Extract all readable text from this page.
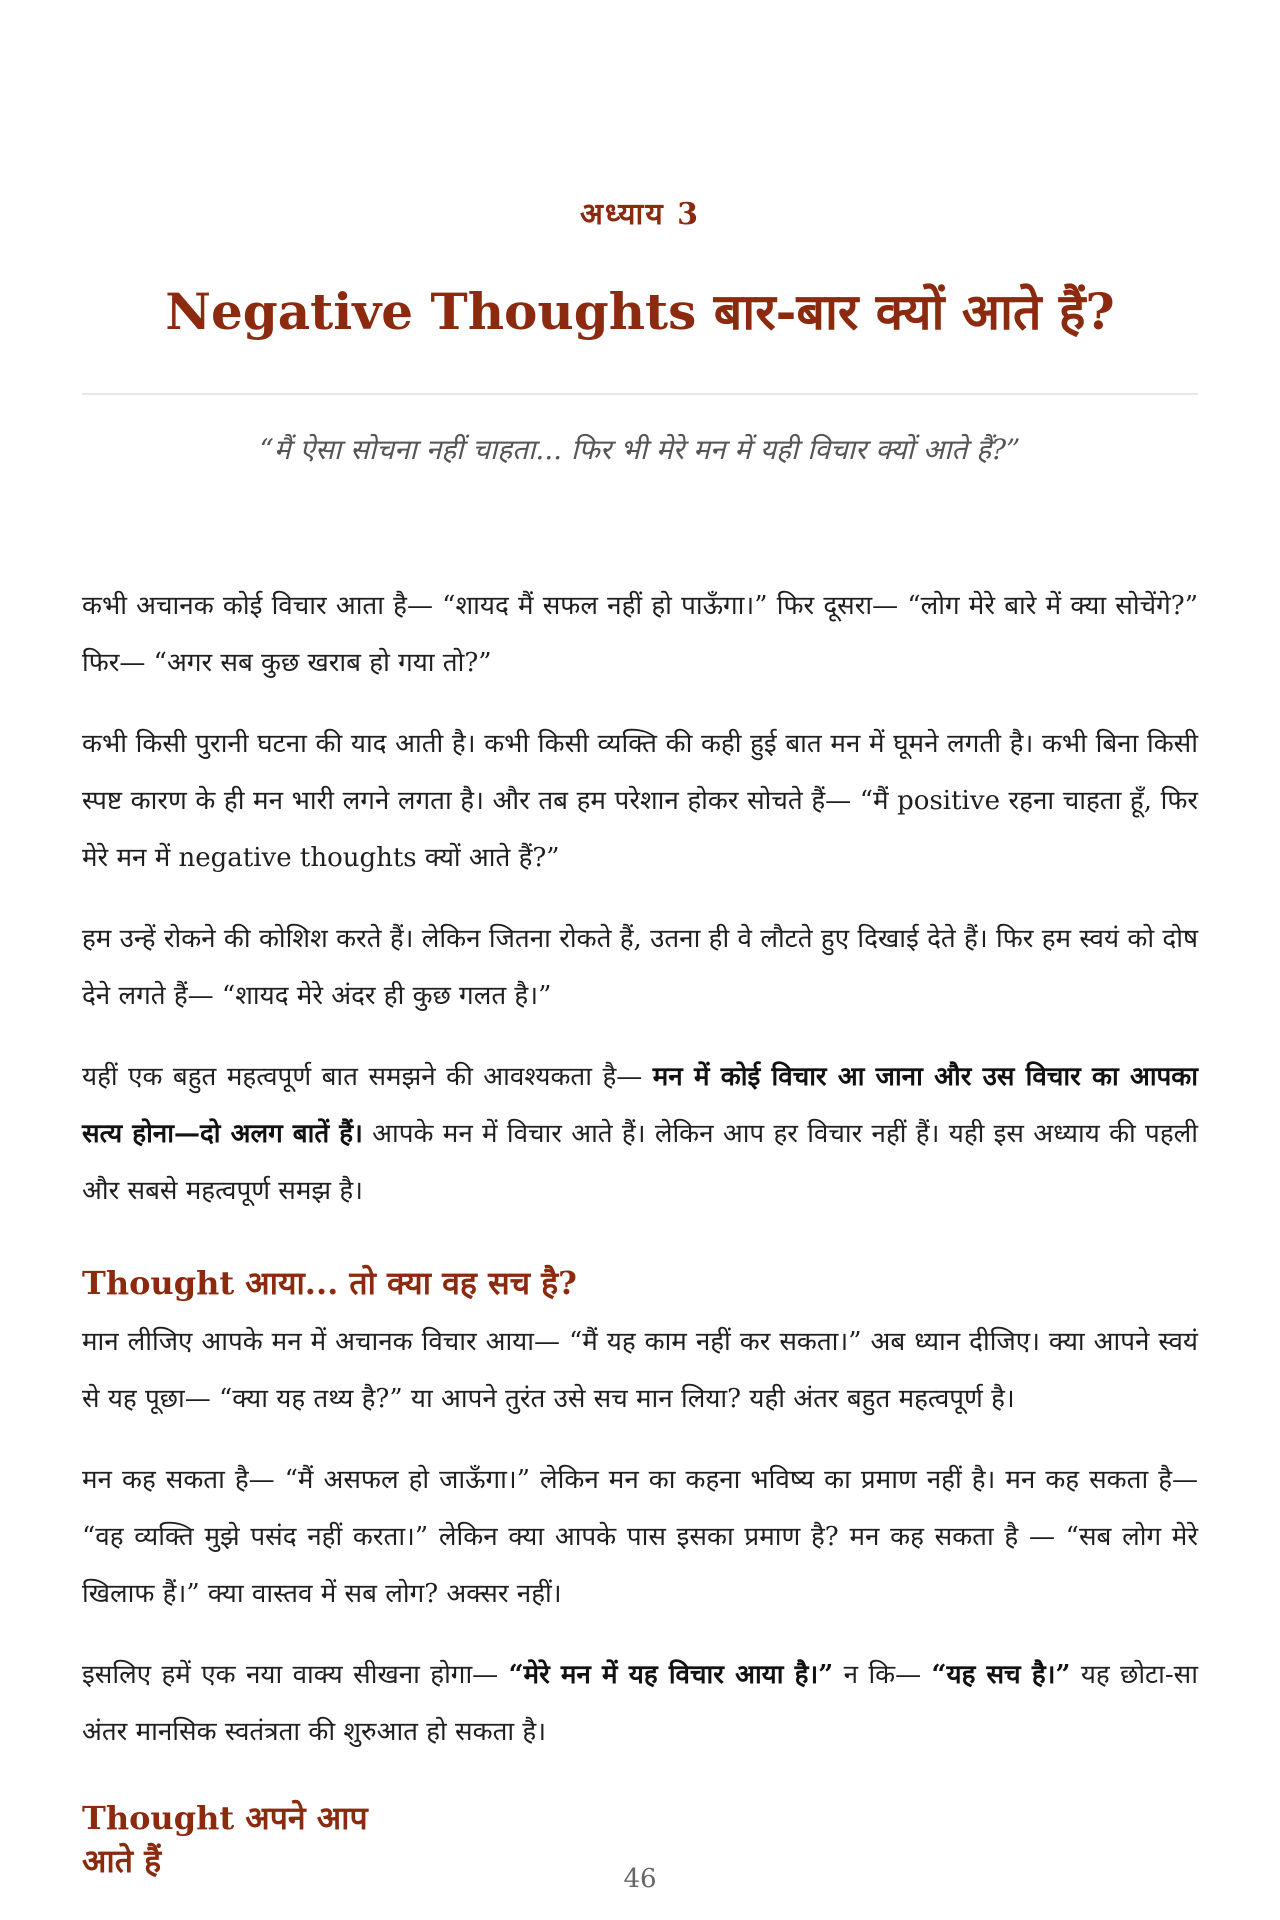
अध्याय 3
Negative Thoughts बार-बार क्यों आते हैं?
“मैं ऐसा सोचना नहीं चाहता... फिर भी मेरे मन में यही विचार क्यों आते हैं?”

कभी अचानक कोई विचार आता है— “शायद मैं सफल नहीं हो पाऊँगा।” फिर दूसरा— “लोग मेरे बारे में क्या सोचेंगे?” फिर— “अगर सब कुछ खराब हो गया तो?”

कभी किसी पुरानी घटना की याद आती है। कभी किसी व्यक्ति की कही हुई बात मन में घूमने लगती है। कभी बिना किसी स्पष्ट कारण के ही मन भारी लगने लगता है। और तब हम परेशान होकर सोचते हैं— “मैं positive रहना चाहता हूँ, फिर मेरे मन में negative thoughts क्यों आते हैं?”

हम उन्हें रोकने की कोशिश करते हैं। लेकिन जितना रोकते हैं, उतना ही वे लौटते हुए दिखाई देते हैं। फिर हम स्वयं को दोष देने लगते हैं— “शायद मेरे अंदर ही कुछ गलत है।”

यहीं एक बहुत महत्वपूर्ण बात समझने की आवश्यकता है— मन में कोई विचार आ जाना और उस विचार का आपका सत्य होना—दो अलग बातें हैं। आपके मन में विचार आते हैं। लेकिन आप हर विचार नहीं हैं। यही इस अध्याय की पहली और सबसे महत्वपूर्ण समझ है।

Thought आया... तो क्या वह सच है?

मान लीजिए आपके मन में अचानक विचार आया— “मैं यह काम नहीं कर सकता।” अब ध्यान दीजिए। क्या आपने स्वयं से यह पूछा— “क्या यह तथ्य है?” या आपने तुरंत उसे सच मान लिया? यही अंतर बहुत महत्वपूर्ण है।

मन कह सकता है— “मैं असफल हो जाऊँगा।” लेकिन मन का कहना भविष्य का प्रमाण नहीं है। मन कह सकता है— “वह व्यक्ति मुझे पसंद नहीं करता।” लेकिन क्या आपके पास इसका प्रमाण है? मन कह सकता है — “सब लोग मेरे खिलाफ हैं।” क्या वास्तव में सब लोग? अक्सर नहीं।

इसलिए हमें एक नया वाक्य सीखना होगा— “मेरे मन में यह विचार आया है।” न कि— “यह सच है।” यह छोटा-सा अंतर मानसिक स्वतंत्रता की शुरुआत हो सकता है।

Thought अपने आप आते हैं	46
